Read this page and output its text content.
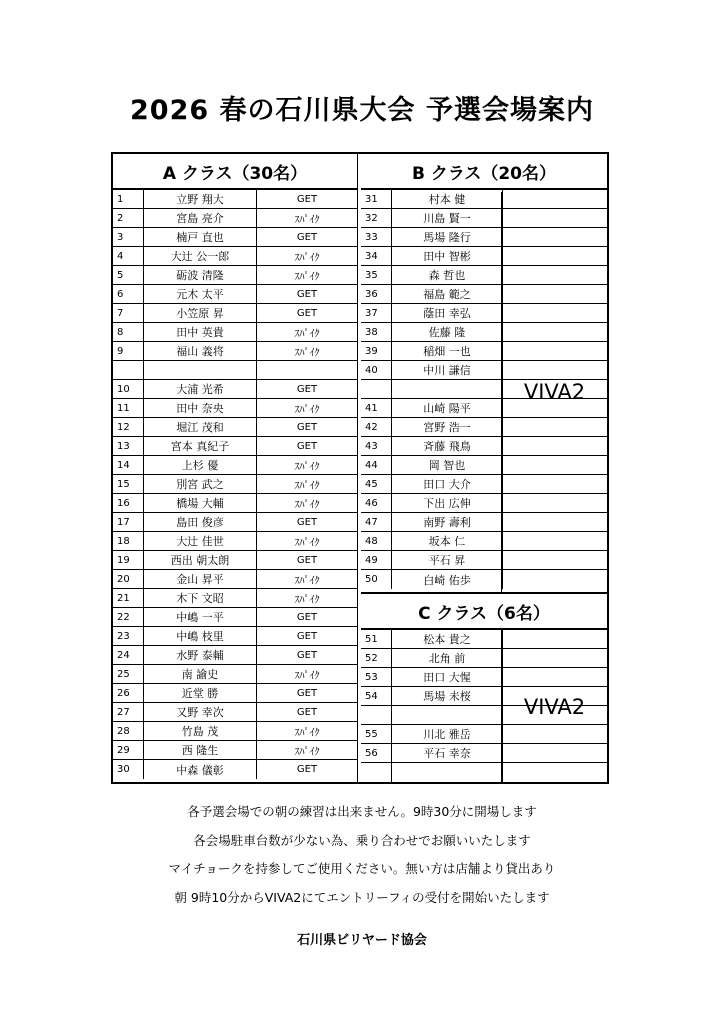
2026 春の石川県大会 予選会場案内
A クラス（30名）
1	立野 翔大	GET
2	宮島 亮介	ｽﾊﾟｲｸ
3	楠戸 直也	GET
4	大辻 公一郎	ｽﾊﾟｲｸ
5	砺波 清隆	ｽﾊﾟｲｸ
6	元木 太平	GET
7	小笠原 昇	GET
8	田中 英貴	ｽﾊﾟｲｸ
9	福山 義将	ｽﾊﾟｲｸ
10	大浦 光希	GET
11	田中 奈央	ｽﾊﾟｲｸ
12	堀江 茂和	GET
13	宮本 真紀子	GET
14	上杉 優	ｽﾊﾟｲｸ
15	別宮 武之	ｽﾊﾟｲｸ
16	橋場 大輔	ｽﾊﾟｲｸ
17	島田 俊彦	GET
18	大辻 佳世	ｽﾊﾟｲｸ
19	西出 朝太朗	GET
20	金山 昇平	ｽﾊﾟｲｸ
21	木下 文昭	ｽﾊﾟｲｸ
22	中嶋 一平	GET
23	中嶋 枝里	GET
24	水野 泰輔	GET
25	南 諭史	ｽﾊﾟｲｸ
26	近堂 勝	GET
27	又野 幸次	GET
28	竹島 茂	ｽﾊﾟｲｸ
29	西 隆生	ｽﾊﾟｲｸ
30	中森 儀彰	GET
B クラス（20名）
31	村本 健
32	川島 賢一
33	馬場 隆行
34	田中 智彬
35	森 哲也
36	福島 範之
37	蔭田 幸弘
38	佐藤 隆
39	稲畑 一也
40	中川 謙信
41	山崎 陽平
42	宮野 浩一
43	斉藤 飛鳥
44	岡 智也
45	田口 大介
46	下出 広伸
47	南野 壽利
48	坂本 仁
49	平石 昇
50	白崎 佑歩
VIVA2
C クラス（6名）
51	松本 貴之
52	北角 前
53	田口 大惺
54	馬場 未桜
55	川北 雅岳
56	平石 幸奈
VIVA2

各予選会場での朝の練習は出来ません。9時30分に開場します

各会場駐車台数が少ない為、乗り合わせでお願いいたします

マイチョークを持参してご使用ください。無い方は店舗より貸出あり

朝 9時10分からVIVA2にてエントリーフィの受付を開始いたします

石川県ビリヤード協会
